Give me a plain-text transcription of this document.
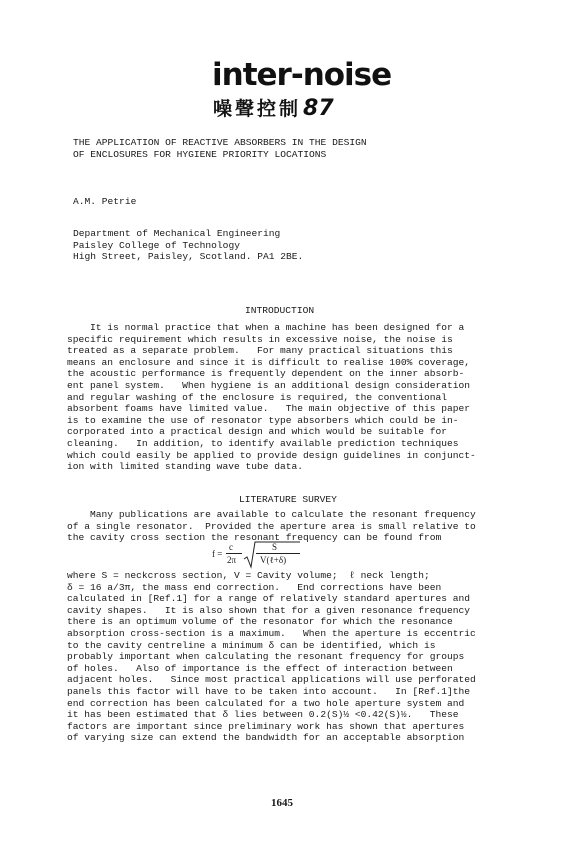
inter-noise
噪聲控制87
THE APPLICATION OF REACTIVE ABSORBERS IN THE DESIGN
OF ENCLOSURES FOR HYGIENE PRIORITY LOCATIONS
A.M. Petrie
Department of Mechanical Engineering
Paisley College of Technology
High Street, Paisley, Scotland. PA1 2BE.
INTRODUCTION
It is normal practice that when a machine has been designed for a
specific requirement which results in excessive noise, the noise is
treated as a separate problem.   For many practical situations this
means an enclosure and since it is difficult to realise 100% coverage,
the acoustic performance is frequently dependent on the inner absorb-
ent panel system.   When hygiene is an additional design consideration
and regular washing of the enclosure is required, the conventional
absorbent foams have limited value.   The main objective of this paper
is to examine the use of resonator type absorbers which could be in-
corporated into a practical design and which would be suitable for
cleaning.   In addition, to identify available prediction techniques
which could easily be applied to provide design guidelines in conjunct-
ion with limited standing wave tube data.
LITERATURE SURVEY
Many publications are available to calculate the resonant frequency
of a single resonator.  Provided the aperture area is small relative to
the cavity cross section the resonant frequency can be found from
f =
c
2π
S
V(ℓ+δ)
where S = neckcross section, V = Cavity volume;  ℓ neck length;
δ = 16 a/3π, the mass end correction.   End corrections have been
calculated in [Ref.1] for a range of relatively standard apertures and
cavity shapes.   It is also shown that for a given resonance frequency
there is an optimum volume of the resonator for which the resonance
absorption cross-section is a maximum.   When the aperture is eccentric
to the cavity centreline a minimum δ can be identified, which is
probably important when calculating the resonant frequency for groups
of holes.   Also of importance is the effect of interaction between
adjacent holes.   Since most practical applications will use perforated
panels this factor will have to be taken into account.   In [Ref.1]the
end correction has been calculated for a two hole aperture system and
it has been estimated that δ lies between 0.2(S)½ <0.42(S)½.   These
factors are important since preliminary work has shown that apertures
of varying size can extend the bandwidth for an acceptable absorption
1645
